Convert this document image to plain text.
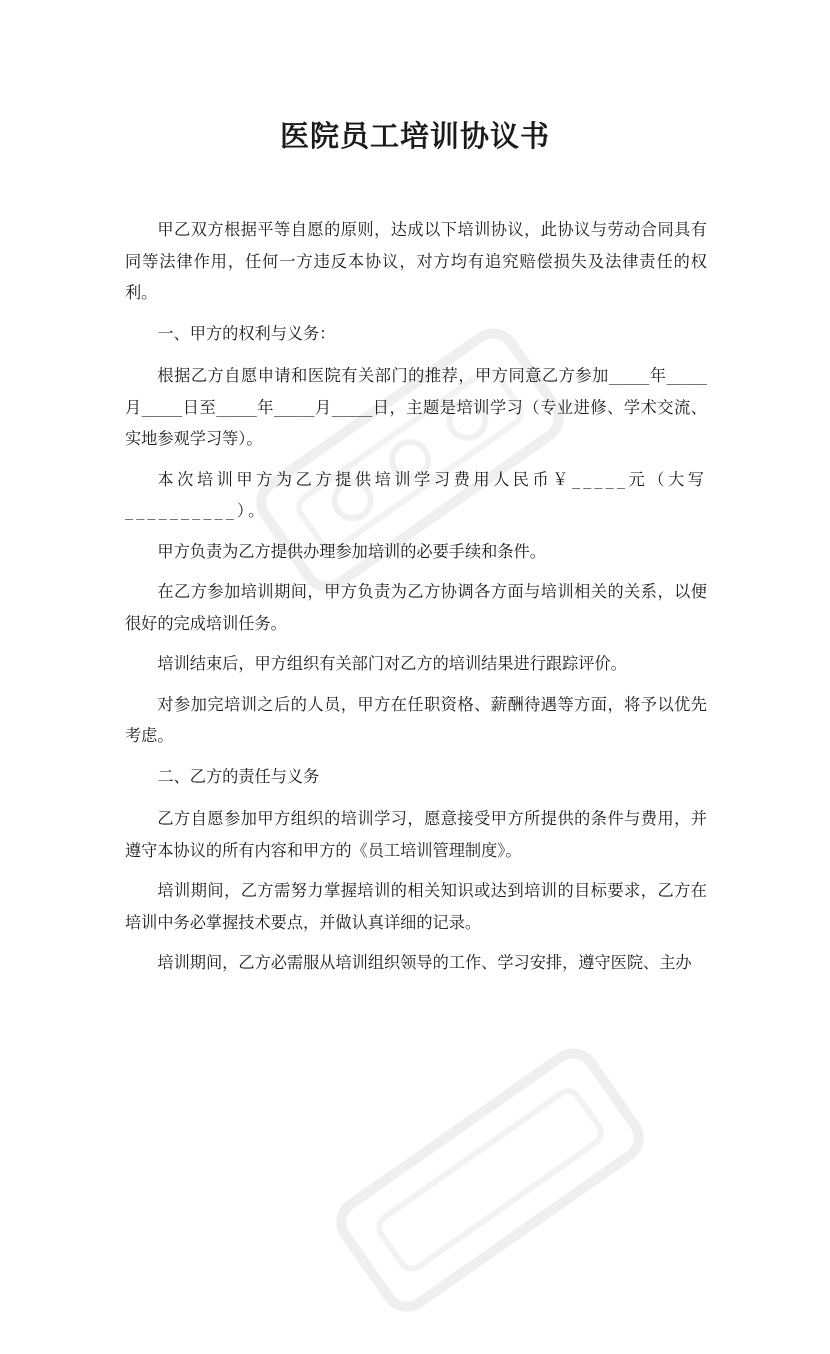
医院员工培训协议书

甲乙双方根据平等自愿的原则，达成以下培训协议，此协议与劳动合同具有同等法律作用，任何一方违反本协议，对方均有追究赔偿损失及法律责任的权利。

一、甲方的权利与义务：

根据乙方自愿申请和医院有关部门的推荐，甲方同意乙方参加_____年_____月_____日至_____年_____月_____日，主题是培训学习（专业进修、学术交流、实地参观学习等）。

本次培训甲方为乙方提供培训学习费用人民币￥_____元（大写__________）。

甲方负责为乙方提供办理参加培训的必要手续和条件。

在乙方参加培训期间，甲方负责为乙方协调各方面与培训相关的关系，以便很好的完成培训任务。

培训结束后，甲方组织有关部门对乙方的培训结果进行跟踪评价。

对参加完培训之后的人员，甲方在任职资格、薪酬待遇等方面，将予以优先考虑。

二、乙方的责任与义务

乙方自愿参加甲方组织的培训学习，愿意接受甲方所提供的条件与费用，并遵守本协议的所有内容和甲方的《员工培训管理制度》。

培训期间，乙方需努力掌握培训的相关知识或达到培训的目标要求，乙方在培训中务必掌握技术要点，并做认真详细的记录。

培训期间，乙方必需服从培训组织领导的工作、学习安排，遵守医院、主办
